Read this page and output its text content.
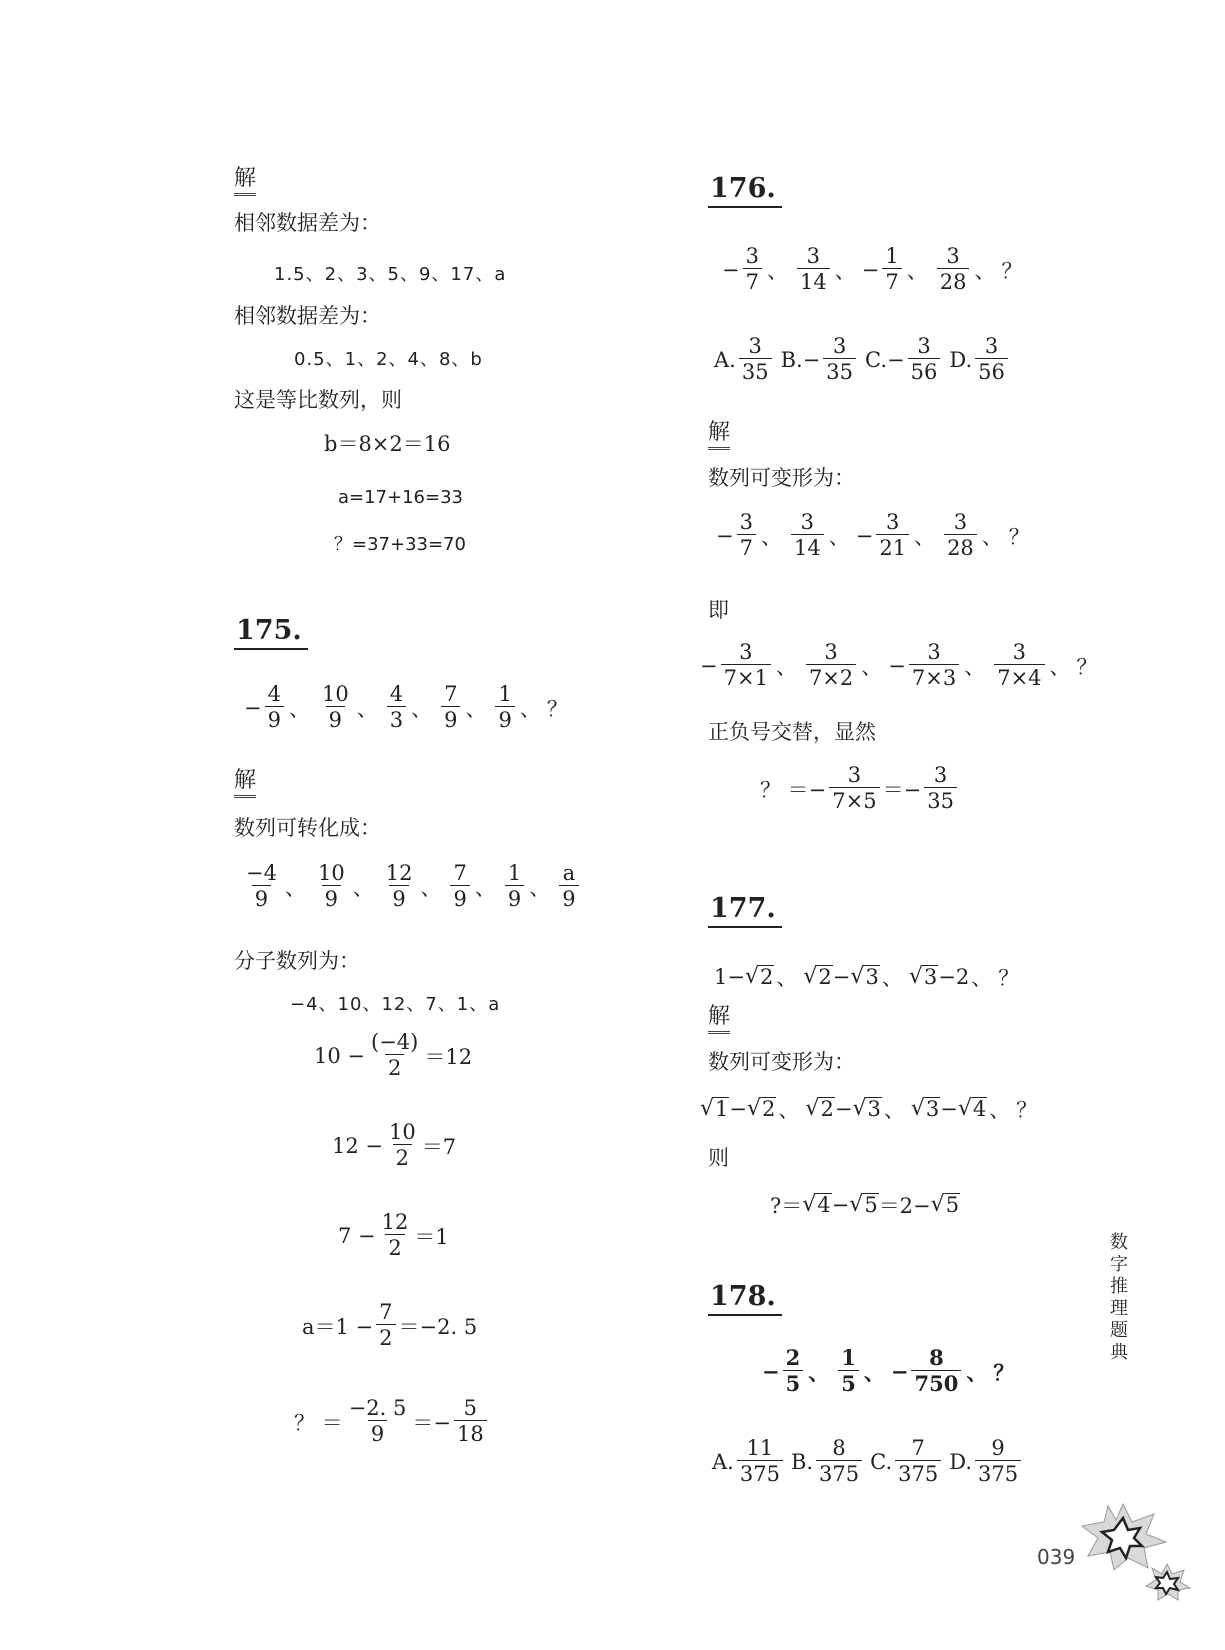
解
相邻数据差为：
1.5、2、3、5、9、17、a
相邻数据差为：
0.5、1、2、4、8、b
这是等比数列，则
b＝8×2＝16
a=17+16=33
？=37+33=70
175.
− $\frac{4}{9}$ 、 $\frac{10}{9}$ 、 $\frac{4}{3}$ 、 $\frac{7}{9}$ 、 $\frac{1}{9}$ 、 ？
解
数列可转化成：
$\frac{-4}{9}$ 、 $\frac{10}{9}$ 、 $\frac{12}{9}$ 、 $\frac{7}{9}$ 、 $\frac{1}{9}$ 、 $\frac{a}{9}$
分子数列为：
−4、10、12、7、1、a
$10 - \frac{(-4)}{2} =12$
$12 - \frac{10}{2} =7$
$7 - \frac{12}{2} =1$
$a=1 - \frac{7}{2} =-2$. 5
？ ＝ $\frac{-2. 5}{9} =- \frac{5}{18}$
176.
− $\frac{3}{7}$ 、 $\frac{3}{14}$ 、 − $\frac{1}{7}$ 、 $\frac{3}{28}$ 、 ？
A. $\frac{3}{35} B$. − $\frac{3}{35} C$. − $\frac{3}{56} D$. $\frac{3}{56}$
解
数列可变形为：
− $\frac{3}{7}$ 、 $\frac{3}{14}$ 、 − $\frac{3}{21}$ 、 $\frac{3}{28}$ 、 ？
即
− $\frac{3}{7\times 1}$ 、 $\frac{3}{7\times 2}$ 、 − $\frac{3}{7\times 3}$ 、 $\frac{3}{7\times 4}$ 、 ？
正负号交替，显然
？ ＝− $\frac{3}{7\times 5} =- \frac{3}{35}$
177.
1 − √ 2 、 √ 2 − √ 3 、 √ 3 − 2 、 ？
解
数列可变形为：
√ 1 − √ 2 、 √ 2 − √ 3 、 √ 3 − √ 4 、 ？
则
?＝ √ 4 − √ 5 ＝2− √ 5
178.
− $\frac{2}{5}$ 、 $\frac{1}{5}$ 、 − $\frac{8}{750}$ 、 ？
A. $\frac{11}{375} B$. $\frac{8}{375} C$. $\frac{7}{375} D$. $\frac{9}{375}$
数
字
推
理
题
典
039
